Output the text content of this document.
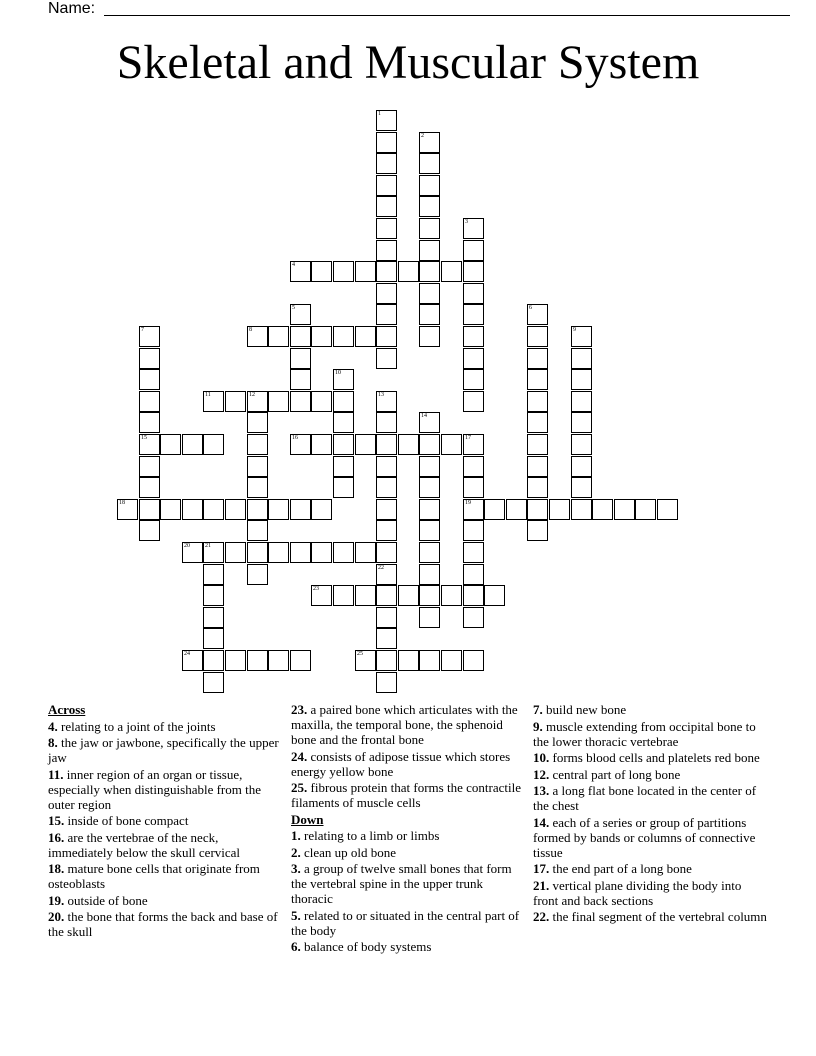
Name:
Skeletal and Muscular System
1
2
3
4
5	6
7
15
8	9
10
11	12	13
22
14
16	17
19
18
20	21
23
24	25
Across
4. relating to a joint of the joints
8. the jaw or jawbone, specifically the upper jaw
11. inner region of an organ or tissue, especially when distinguishable from the outer region
15. inside of bone compact
16. are the vertebrae of the neck, immediately below the skull cervical
18. mature bone cells that originate from osteoblasts
19. outside of bone
20. the bone that forms the back and base of the skull
23. a paired bone which articulates with the maxilla, the temporal bone, the sphenoid bone and the frontal bone
24. consists of adipose tissue which stores energy yellow bone
25. fibrous protein that forms the contractile filaments of muscle cells
Down
1. relating to a limb or limbs
2. clean up old bone
3. a group of twelve small bones that form the vertebral spine in the upper trunk thoracic
5. related to or situated in the central part of the body
6. balance of body systems
7. build new bone
9. muscle extending from occipital bone to the lower thoracic vertebrae
10. forms blood cells and platelets red bone
12. central part of long bone
13. a long flat bone located in the center of the chest
14. each of a series or group of partitions formed by bands or columns of connective tissue
17. the end part of a long bone
21. vertical plane dividing the body into front and back sections
22. the final segment of the vertebral column
